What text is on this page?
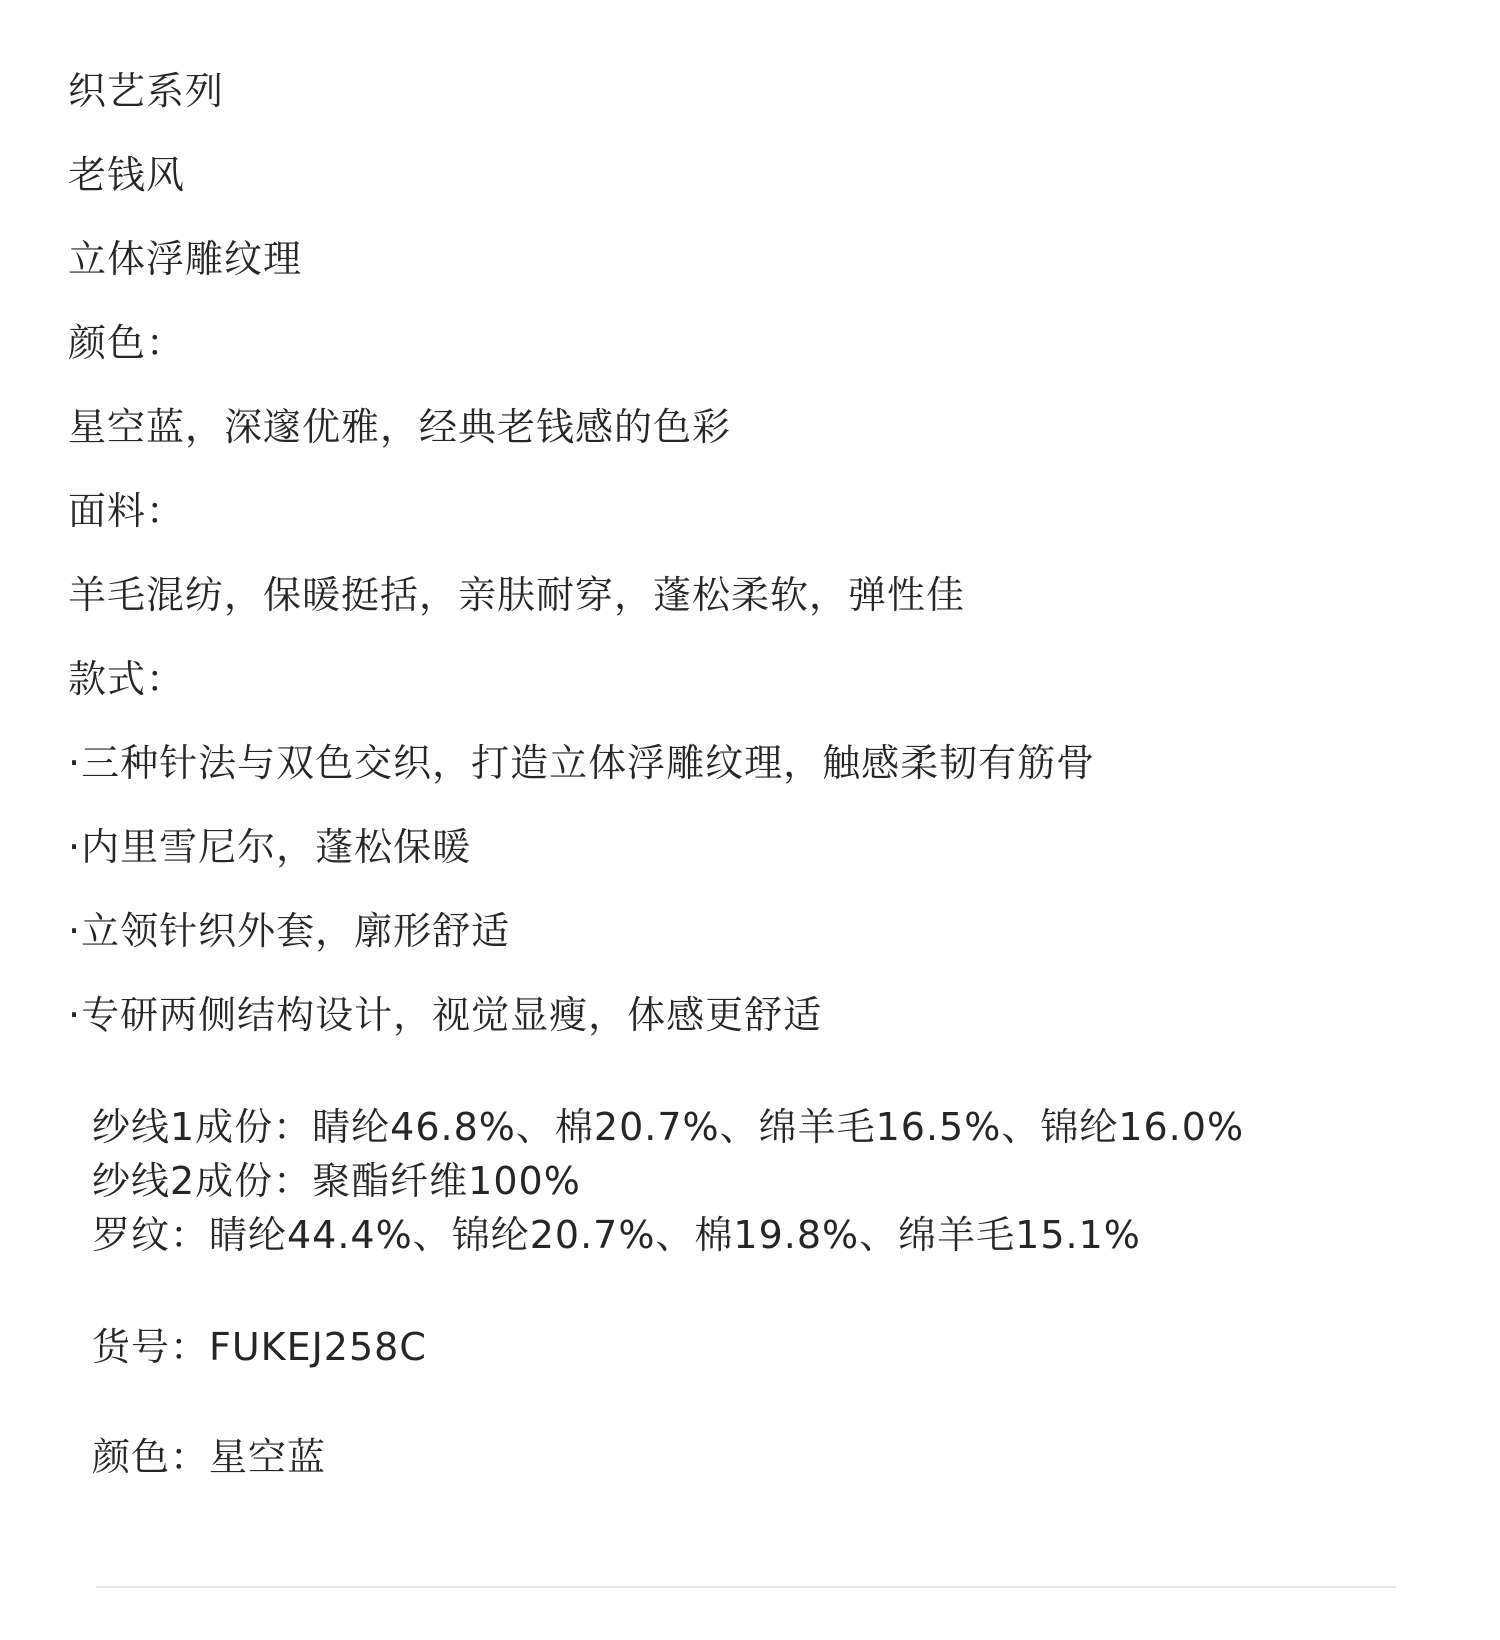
织艺系列
老钱风
立体浮雕纹理
颜色：
星空蓝，深邃优雅，经典老钱感的色彩
面料：
羊毛混纺，保暖挺括，亲肤耐穿，蓬松柔软，弹性佳
款式：
·三种针法与双色交织，打造立体浮雕纹理，触感柔韧有筋骨
·内里雪尼尔，蓬松保暖
·立领针织外套，廓形舒适
·专研两侧结构设计，视觉显瘦，体感更舒适
纱线1成份：睛纶46.8%、棉20.7%、绵羊毛16.5%、锦纶16.0%
纱线2成份：聚酯纤维100%
罗纹：睛纶44.4%、锦纶20.7%、棉19.8%、绵羊毛15.1%
货号：FUKEJ258C
颜色：星空蓝
